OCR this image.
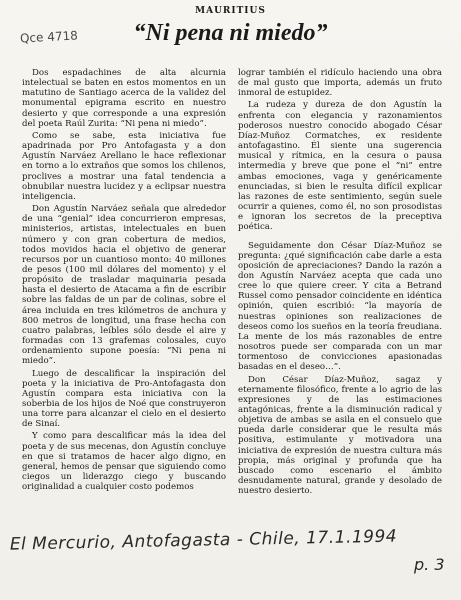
MAURITIUS
“Ni pena ni miedo”
Qce 4718

Dos espadachines de alta alcurnia intelectual se baten en estos momentos en un matutino de Santiago acerca de la validez del monumental epigrama escrito en nuestro desierto y que corresponde a una expresión del poeta Raúl Zurita: “Ni pena ni miedo”.

Como se sabe, esta iniciativa fue apadrinada por Pro Antofagasta y a don Agustín Narváez Arellano le hace reflexionar en torno a lo extraños que somos los chilenos, proclives a mostrar una fatal tendencia a obnubilar nuestra lucidez y a eclipsar nuestra inteligencia.

Don Agustín Narváez señala que alrededor de una “genial” idea concurrieron empresas, ministerios, artistas, intelectuales en buen número y con gran cobertura de medios, todos movidos hacia el objetivo de generar recursos por un cuantioso monto: 40 millones de pesos (100 mil dólares del momento) y el propósito de trasladar maquinaria pesada hasta el desierto de Atacama a fin de escribir sobre las faldas de un par de colinas, sobre el área incluida en tres kilómetros de anchura y 800 metros de longitud, una frase hecha con cuatro palabras, leíbles sólo desde el aire y formadas con 13 grafemas colosales, cuyo ordenamiento supone poesía: “Ni pena ni miedo”.

Luego de descalificar la inspiración del poeta y la iniciativa de Pro-Antofagasta don Agustín compara esta iniciativa con la soberbia de los hijos de Noé que construyeron una torre para alcanzar el cielo en el desierto de Sinaí.

Y como para descalificar más la idea del poeta y de sus mecenas, don Agustín concluye en que si tratamos de hacer algo digno, en general, hemos de pensar que siguiendo como ciegos un liderazgo ciego y buscando originalidad a cualquier costo podemos

lograr también el ridículo haciendo una obra de mal gusto que importa, además un fruto inmoral de estupidez.

La rudeza y dureza de don Agustín la enfrenta con elegancia y razonamientos poderosos nuestro conocido abogado César Díaz-Muñoz Cormatches, ex residente antofagastino. Él siente una sugerencia musical y rítmica, en la cesura o pausa intermedia y breve que pone el “ni” entre ambas emociones, vaga y genéricamente enunciadas, si bien le resulta difícil explicar las razones de este sentimiento, según suele ocurrir a quienes, como él, no son prosodistas e ignoran los secretos de la preceptiva poética.

Seguidamente don César Díaz-Muñoz se pregunta: ¿qué significación cabe darle a esta oposición de apreciaciones? Dando la razón a don Agustín Narváez acepta que cada uno cree lo que quiere creer. Y cita a Betrand Russel como pensador coincidente en idéntica opinión, quien escribió: “la mayoría de nuestras opiniones son realizaciones de deseos como los sueños en la teoría freudiana. La mente de los más razonables de entre nosotros puede ser comparada con un mar tormentoso de convicciones apasionadas basadas en el deseo…”.

Don César Díaz-Muñoz, sagaz y eternamente filosófico, frente a lo agrio de las expresiones y de las estimaciones antagónicas, frente a la disminución radical y objetiva de ambas se asila en el consuelo que pueda darle considerar que le resulta más positiva, estimulante y motivadora una iniciativa de expresión de nuestra cultura más propia, más original y profunda que ha buscado como escenario el ámbito desnudamente natural, grande y desolado de nuestro desierto.

El Mercurio, Antofagasta - Chile, 17.1.1994
p. 3
